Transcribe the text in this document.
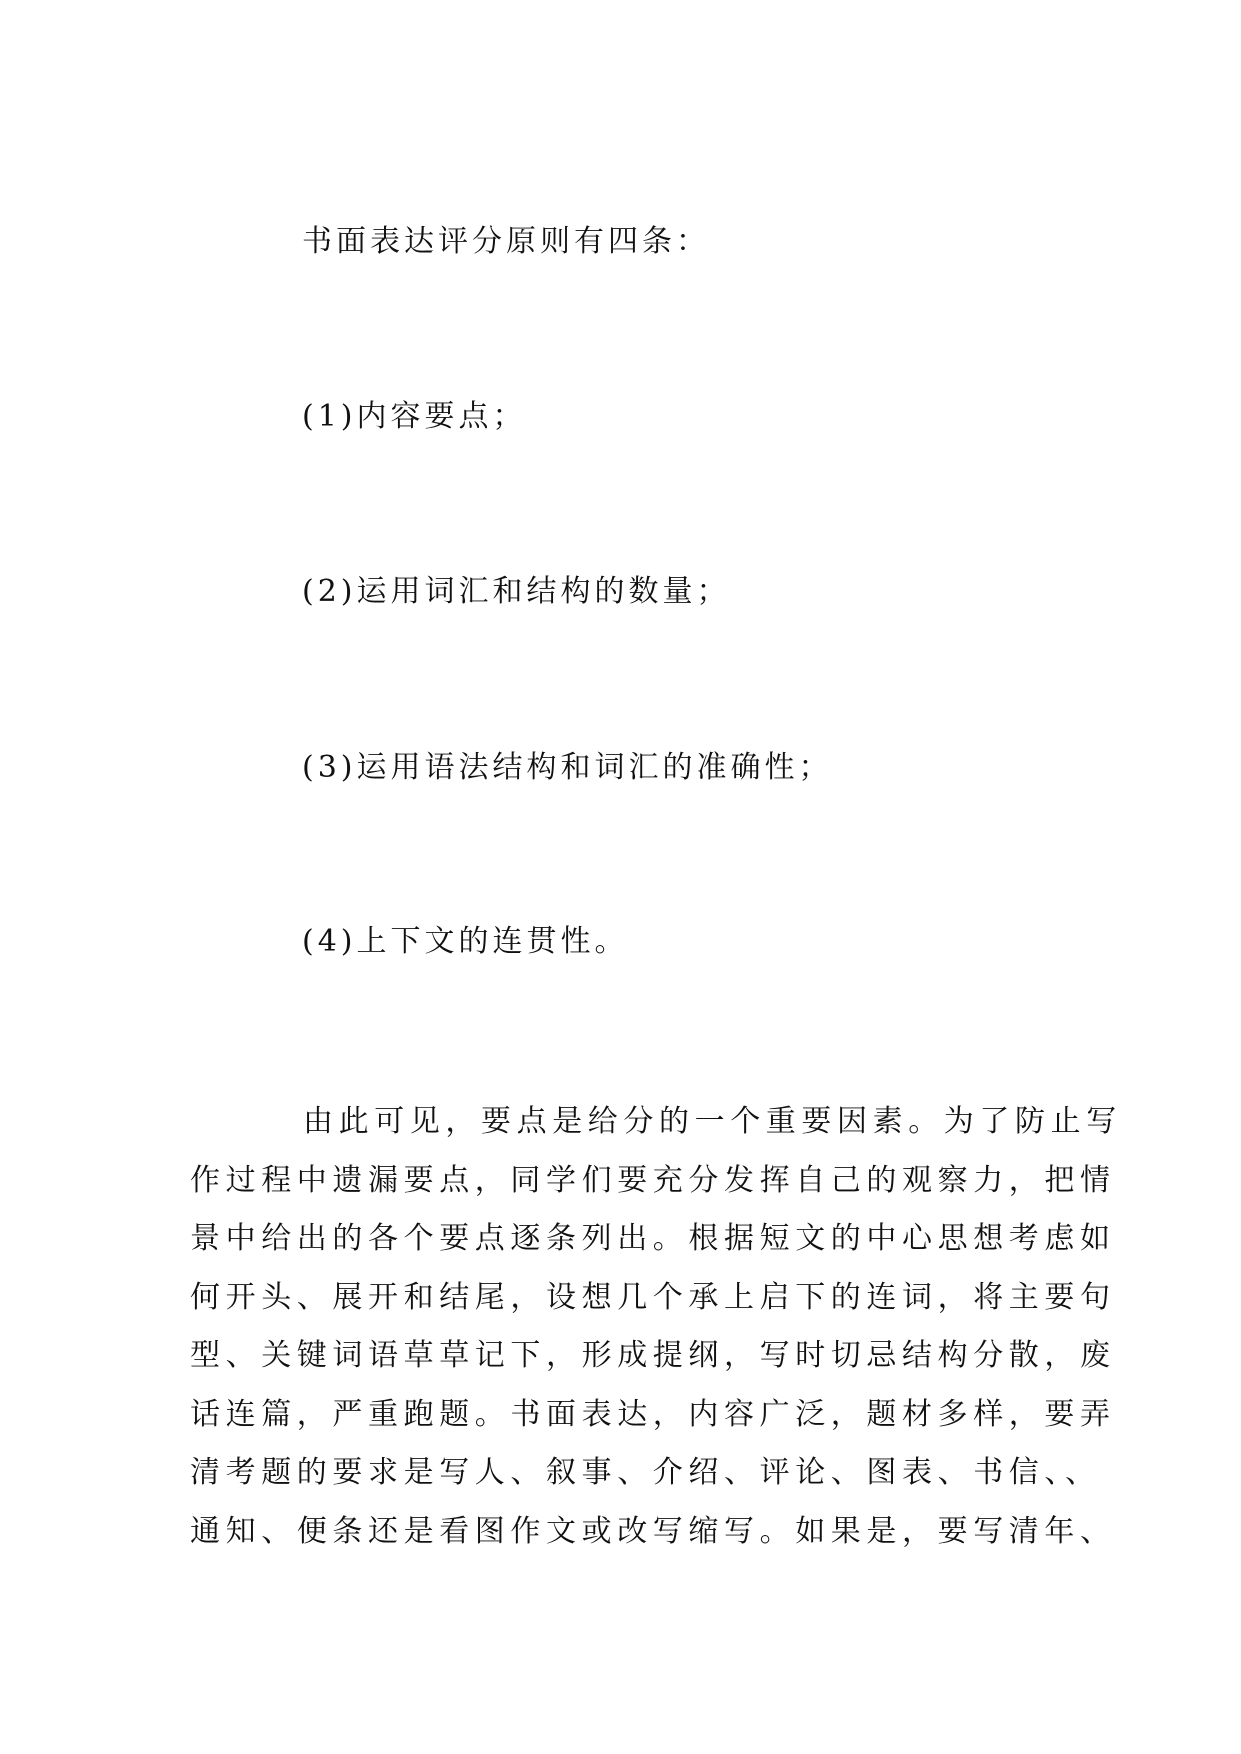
书面表达评分原则有四条：
(1)内容要点；
(2)运用词汇和结构的数量；
(3)运用语法结构和词汇的准确性；
(4)上下文的连贯性。
由此可见，要点是给分的一个重要因素。为了防止写
作过程中遗漏要点，同学们要充分发挥自己的观察力，把情
景中给出的各个要点逐条列出。根据短文的中心思想考虑如
何开头、展开和结尾，设想几个承上启下的连词，将主要句
型、关键词语草草记下，形成提纲，写时切忌结构分散，废
话连篇，严重跑题。书面表达，内容广泛，题材多样，要弄
清考题的要求是写人、叙事、介绍、评论、图表、书信、、
通知、便条还是看图作文或改写缩写。如果是，要写清年、
